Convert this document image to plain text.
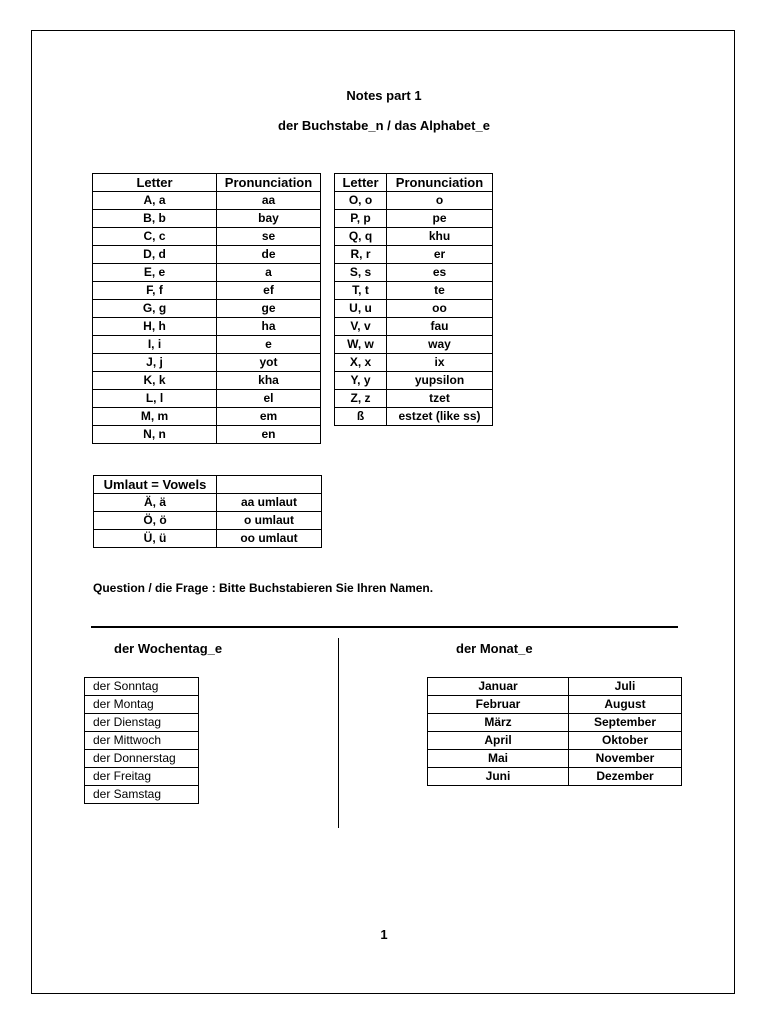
Notes part 1
der Buchstabe_n / das Alphabet_e
Letter	Pronunciation
A, a	aa
B, b	bay
C, c	se
D, d	de
E, e	a
F, f	ef
G, g	ge
H, h	ha
I, i	e
J, j	yot
K, k	kha
L, l	el
M, m	em
N, n	en
Letter	Pronunciation
O, o	o
P, p	pe
Q, q	khu
R, r	er
S, s	es
T, t	te
U, u	oo
V, v	fau
W, w	way
X, x	ix
Y, y	yupsilon
Z, z	tzet
ß	estzet (like ss)
Umlaut = Vowels	
Ä, ä	aa umlaut
Ö, ö	o umlaut
Ü, ü	oo umlaut
Question / die Frage : Bitte Buchstabieren Sie Ihren Namen.
der Wochentag_e	der Monat_e
der Sonntag
der Montag
der Dienstag
der Mittwoch
der Donnerstag
der Freitag
der Samstag
Januar	Juli
Februar	August
März	September
April	Oktober
Mai	November
Juni	Dezember
1
